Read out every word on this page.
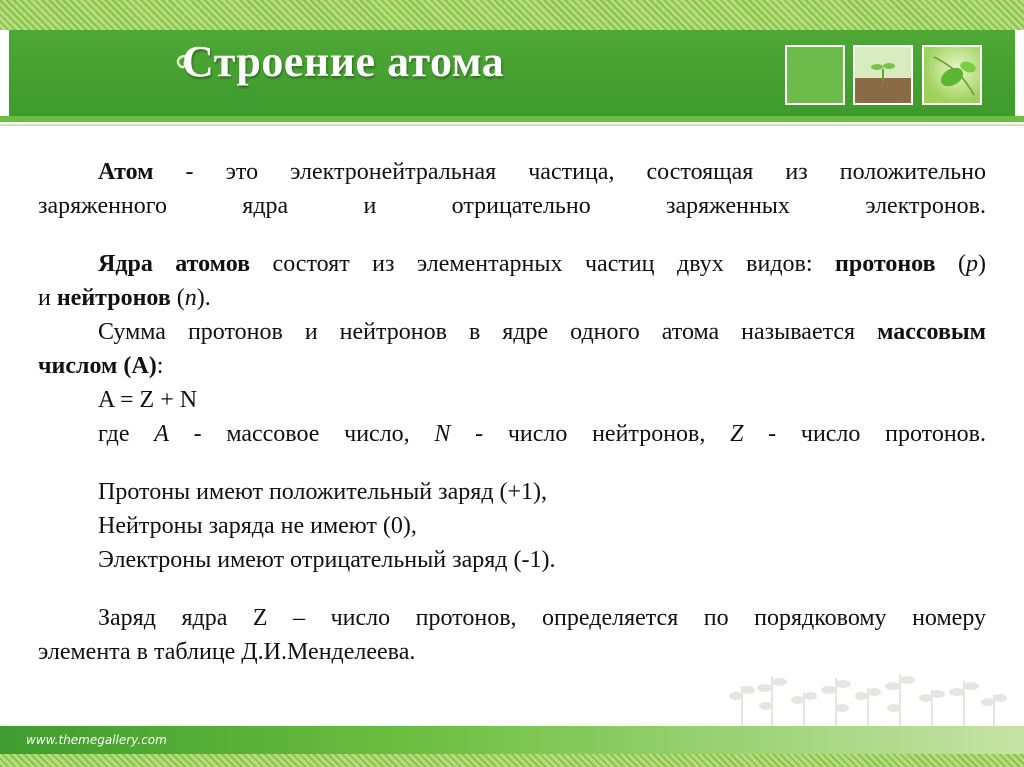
Строение атома
Атом - это электронейтральная частица, состоящая из положительно
заряженного ядра и отрицательно заряженных электронов.
Ядра атомов состоят из элементарных частиц двух видов: протонов (p)
и нейтронов (n).
Сумма протонов и нейтронов в ядре одного атома называется массовым
числом (А):
A = Z + N
где A - массовое число, N - число нейтронов, Z - число протонов.
Протоны имеют положительный заряд (+1),
Нейтроны заряда не имеют (0),
Электроны имеют отрицательный заряд (-1).
Заряд ядра Z – число протонов, определяется по порядковому номеру
элемента в таблице Д.И.Менделеева.
www.themegallery.com
